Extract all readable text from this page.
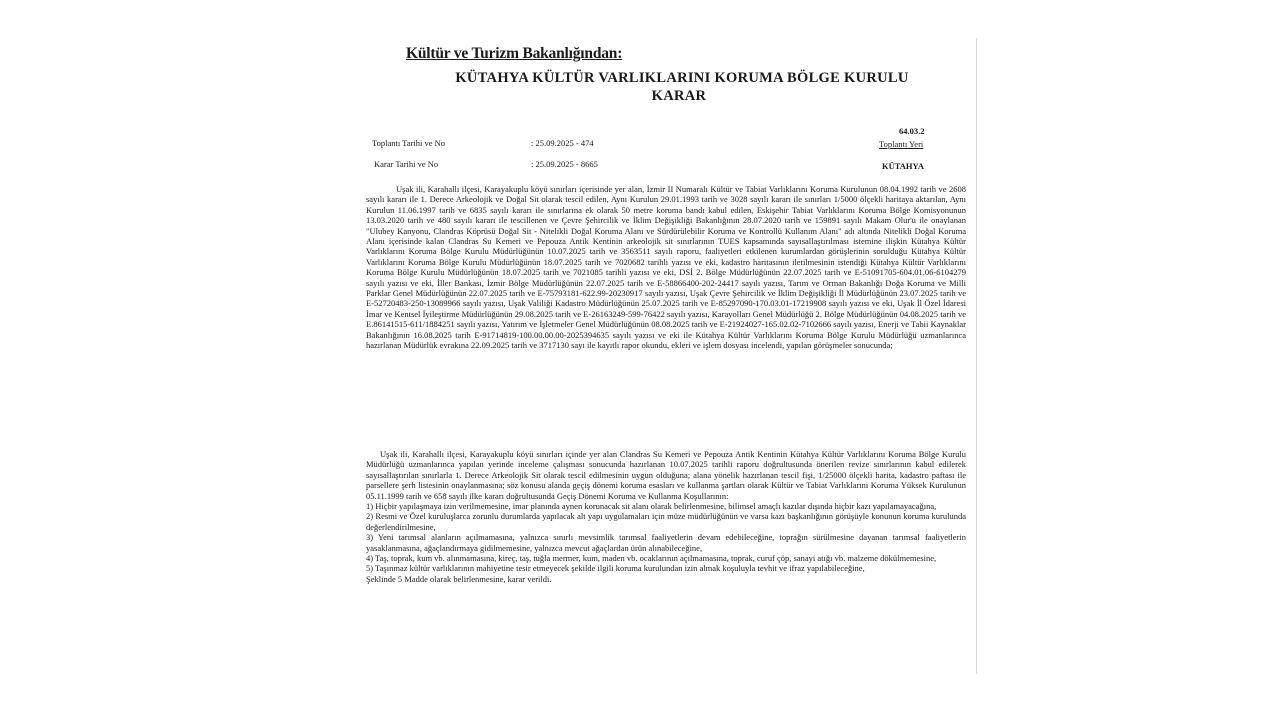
Kültür ve Turizm Bakanlığından:
KÜTAHYA KÜLTÜR VARLIKLARINI KORUMA BÖLGE KURULU
KARAR
Toplantı Tarihi ve No	: 25.09.2025 - 474
Karar Tarihi ve No	: 25.09.2025 - 8665
64.03.2
Toplantı Yeri
KÜTAHYA
Uşak ili, Karahallı ilçesi, Karayakuplu köyü sınırları içerisinde yer alan, İzmir II Numaralı Kültür ve Tabiat Varlıklarını Koruma Kurulunun 08.04.1992 tarih ve 2608 sayılı kararı ile 1. Derece Arkeolojik ve Doğal Sit olarak tescil edilen, Aynı Kurulun 29.01.1993 tarih ve 3028 sayılı kararı ile sınırları 1/5000 ölçekli haritaya aktarılan, Aynı Kurulun 11.06.1997 tarih ve 6835 sayılı kararı ile sınırlarına ek olarak 50 metre koruma bandı kabul edilen, Eskişehir Tabiat Varlıklarını Koruma Bölge Komisyonunun 13.03.2020 tarih ve 480 sayılı kararı ile tescillenen ve Çevre Şehircilik ve İklim Değişikliği Bakanlığının 28.07.2020 tarih ve 159891 sayılı Makam Olur'u ile onaylanan "Ulubey Kanyonu, Clandras Köprüsü Doğal Sit - Nitelikli Doğal Koruma Alanı ve Sürdürülebilir Koruma ve Kontrollü Kullanım Alanı" adı altında Nitelikli Doğal Koruma Alanı içerisinde kalan Clandras Su Kemeri ve Pepouza Antik Kentinin arkeolojik sit sınırlarının TUES kapsamında sayısallaştırılması istemine ilişkin Kütahya Kültür Varlıklarını Koruma Bölge Kurulu Müdürlüğünün 10.07.2025 tarih ve 3563511 sayılı raporu, faaliyetleri etkilenen kurumlardan görüşlerinin sorulduğu Kütahya Kültür Varlıklarını Koruma Bölge Kurulu Müdürlüğünün 18.07.2025 tarih ve 7020682 tarihli yazısı ve eki, kadastro haritasının iletilmesinin istendiği Kütahya Kültür Varlıklarını Koruma Bölge Kurulu Müdürlüğünün 18.07.2025 tarih ve 7021085 tarihli yazısı ve eki, DSİ 2. Bölge Müdürlüğünün 22.07.2025 tarih ve E-51091705-604.01.06-6104279 sayılı yazısı ve eki, İller Bankası, İzmir Bölge Müdürlüğünün 22.07.2025 tarih ve E-58866400-202-24417 sayılı yazısı, Tarım ve Orman Bakanlığı Doğa Koruma ve Milli Parklar Genel Müdürlüğünün 22.07.2025 tarih ve E-75793181-622.99-20230917 sayılı yazısı, Uşak Çevre Şehircilik ve İklim Değişikliği İl Müdürlüğünün 23.07.2025 tarih ve E-52720483-250-13089966 sayılı yazısı, Uşak Valiliği Kadastro Müdürlüğünün 25.07.2025 tarih ve E-85297090-170.03.01-17219908 sayılı yazısı ve eki, Uşak İl Özel İdaresi İmar ve Kentsel İyileştirme Müdürlüğünün 29.08.2025 tarih ve E-26163249-599-76422 sayılı yazısı, Karayolları Genel Müdürlüğü 2. Bölge Müdürlüğünün 04.08.2025 tarih ve E.86141515-611/1884251 sayılı yazısı, Yatırım ve İşletmeler Genel Müdürlüğünün 08.08.2025 tarih ve E-21924027-165.02.02-7102666 sayılı yazısı, Enerji ve Tabii Kaynaklar Bakanlığının 16.08.2025 tarih E-91714819-100.00.00.00-2025394635 sayılı yazısı ve eki ile Kütahya Kültür Varlıklarını Koruma Bölge Kurulu Müdürlüğü uzmanlarınca hazırlanan Müdürlük evrakına 22.09.2025 tarih ve 3717130 sayı ile kayıtlı rapor okundu, ekleri ve işlem dosyası incelendi, yapılan görüşmeler sonucunda;
Uşak ili, Karahallı ilçesi, Karayakuplu köyü sınırları içinde yer alan Clandras Su Kemeri ve Pepouza Antik Kentinin Kütahya Kültür Varlıklarını Koruma Bölge Kurulu Müdürlüğü uzmanlarınca yapılan yerinde inceleme çalışması sonucunda hazırlanan 10.07.2025 tarihli raporu doğrultusunda önerilen revize sınırlarının kabul edilerek sayısallaştırılan sınırlarla 1. Derece Arkeolojik Sit olarak tescil edilmesinin uygun olduğuna; alana yönelik hazırlanan tescil fişi, 1/25000 ölçekli harita, kadastro paftası ile parsellere şerh listesinin onaylanmasına; söz konusu alanda geçiş dönemi koruma esasları ve kullanma şartları olarak Kültür ve Tabiat Varlıklarını Koruma Yüksek Kurulunun 05.11.1999 tarih ve 658 sayılı ilke kararı doğrultusunda Geçiş Dönemi Koruma ve Kullanma Koşullarının:
1) Hiçbir yapılaşmaya izin verilmemesine, imar planında aynen korunacak sit alanı olarak belirlenmesine, bilimsel amaçlı kazılar dışında hiçbir kazı yapılamayacağına,
2) Resmi ve Özel kuruluşlarca zorunlu durumlarda yapılacak alt yapı uygulamaları için müze müdürlüğünün ve varsa kazı başkanlığının görüşüyle konunun koruma kurulunda değerlendirilmesine,
3) Yeni tarımsal alanların açılmamasına, yalnızca sınırlı mevsimlik tarımsal faaliyetlerin devam edebileceğine, toprağın sürülmesine dayanan tarımsal faaliyetlerin yasaklanmasına, ağaçlandırmaya gidilmemesine, yalnızca mevcut ağaçlardan ürün alınabileceğine,
4) Taş, toprak, kum vb. alınmamasına, kireç, taş, tuğla mermer, kum, maden vb. ocaklarının açılmamasına, toprak, curuf çöp, sanayi atığı vb. malzeme dökülmemesine,
5) Taşınmaz kültür varlıklarının mahiyetine tesir etmeyecek şekilde ilgili koruma kurulundan izin almak koşuluyla tevhit ve ifraz yapılabileceğine,
Şeklinde 5 Madde olarak belirlenmesine, karar verildi.
